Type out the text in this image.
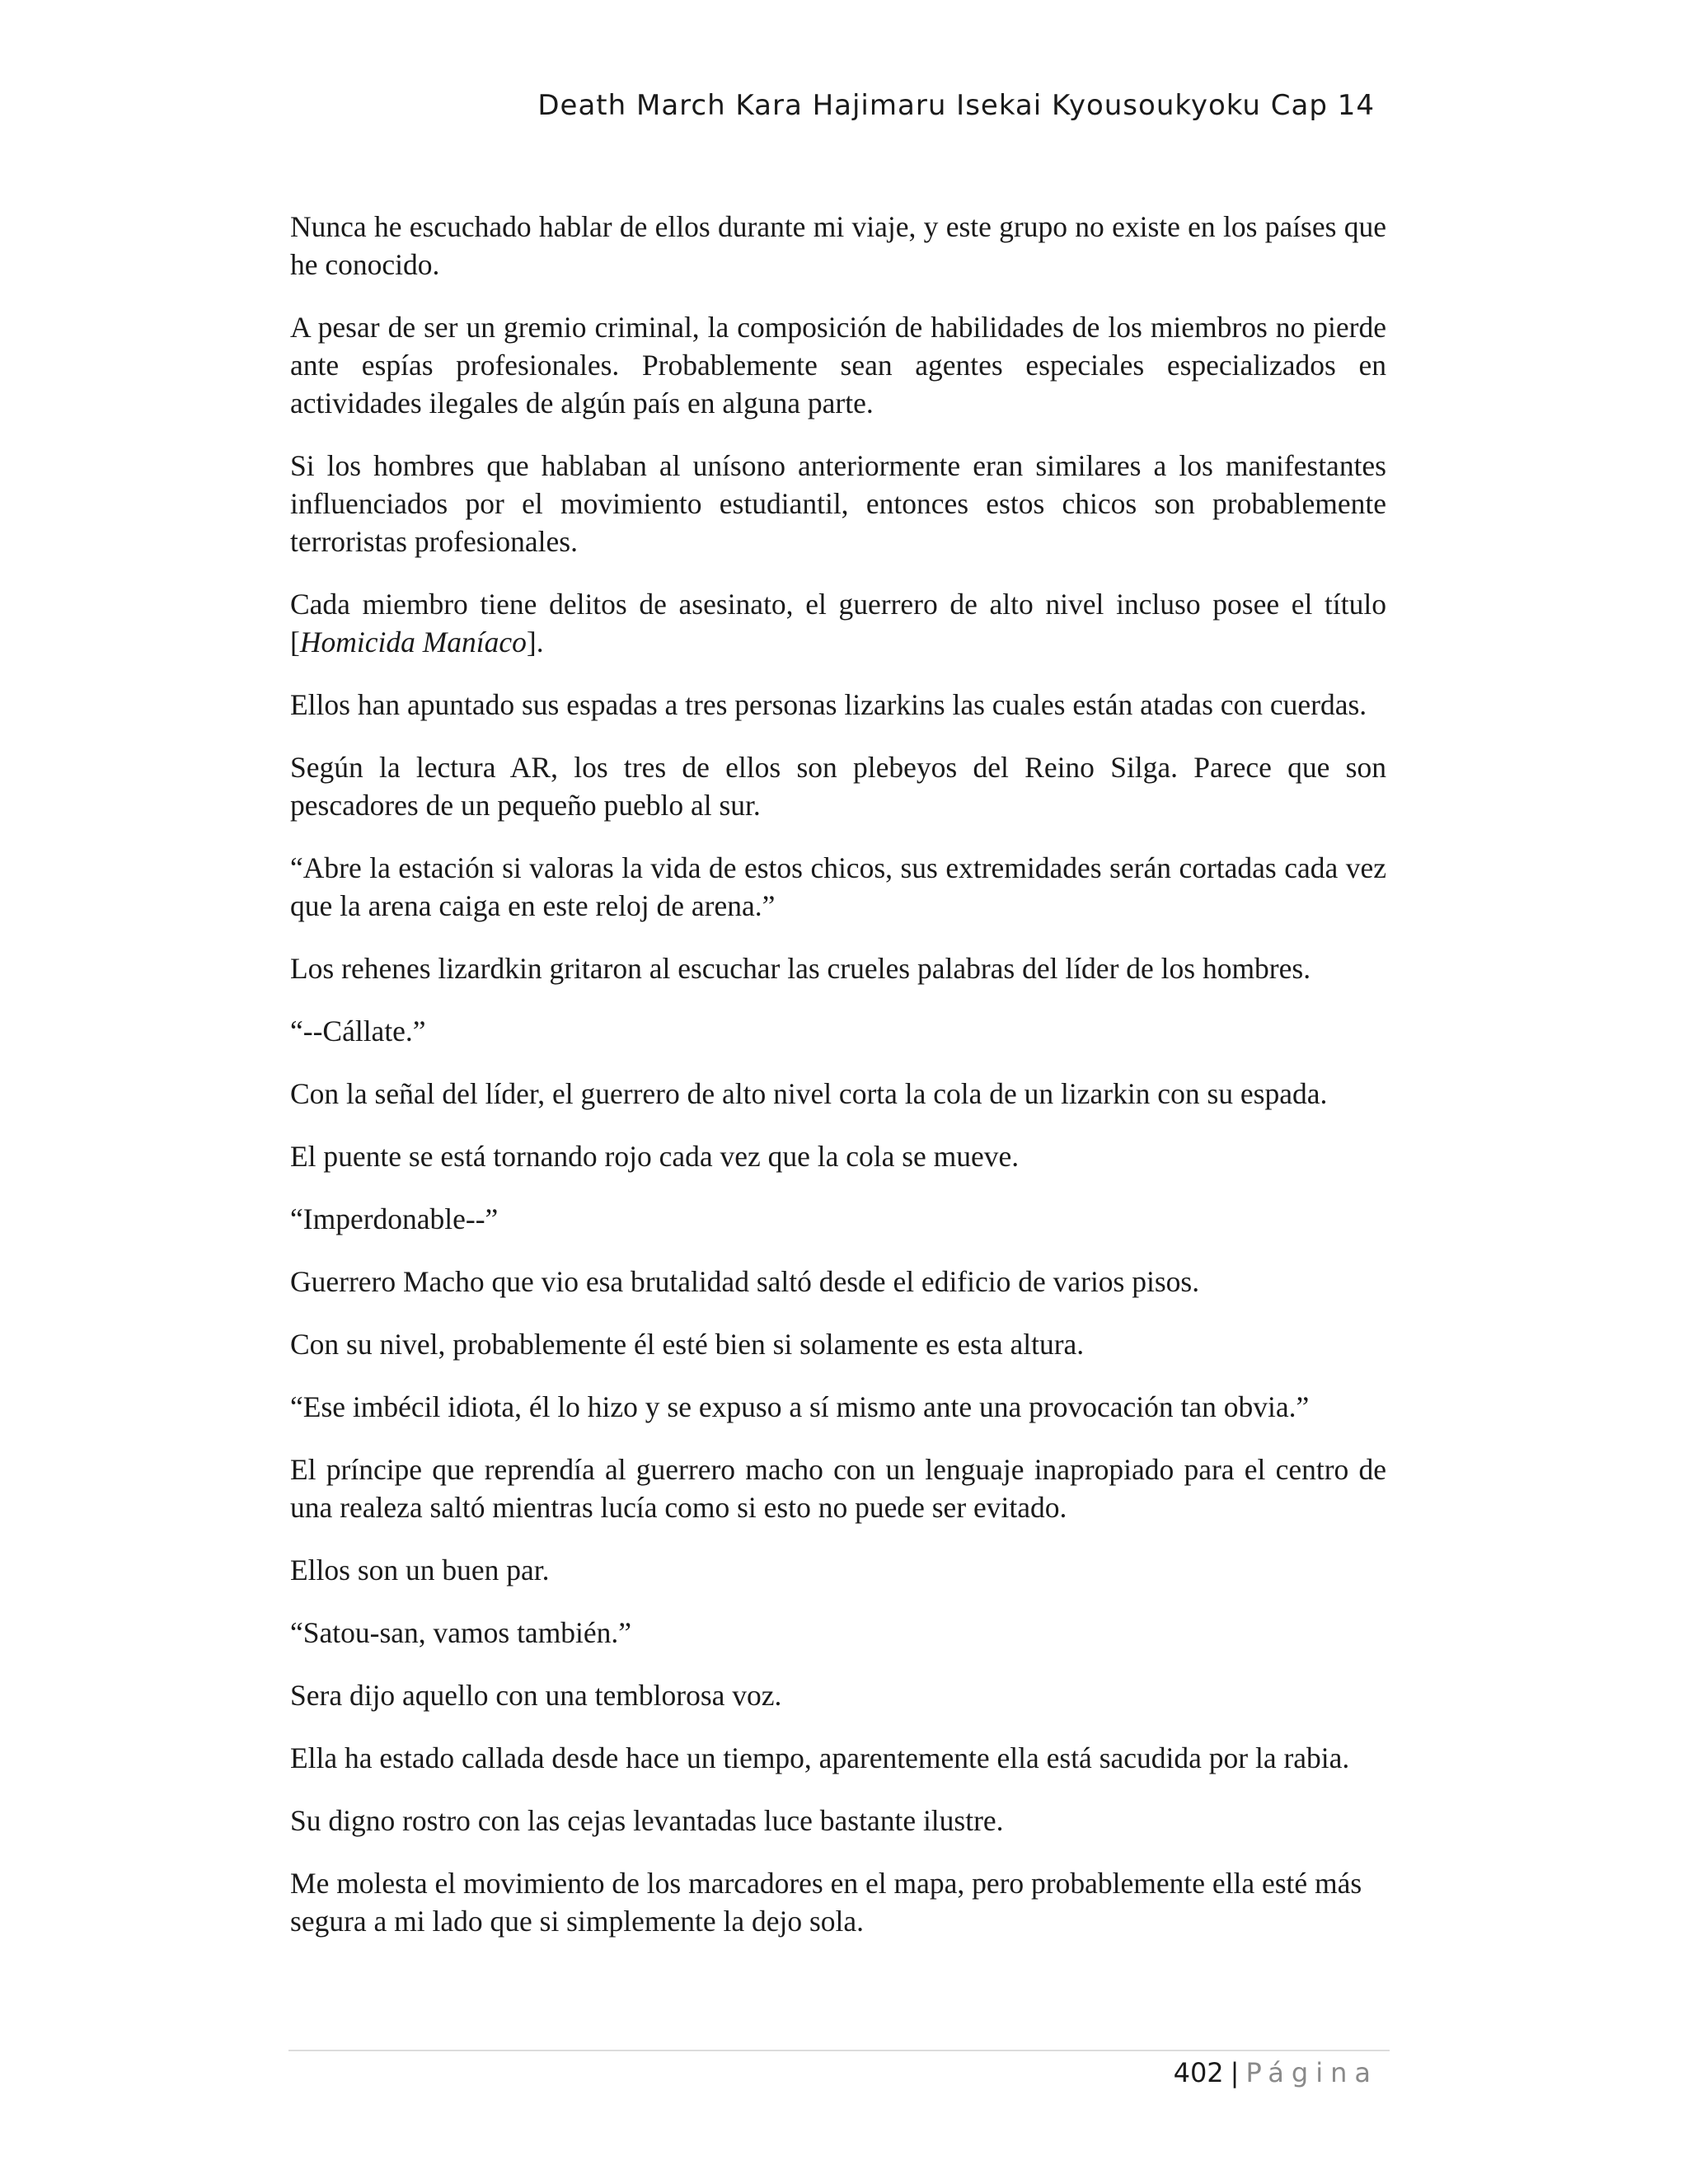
Death March Kara Hajimaru Isekai Kyousoukyoku Cap 14

Nunca he escuchado hablar de ellos durante mi viaje, y este grupo no existe en los países que he conocido.

A pesar de ser un gremio criminal, la composición de habilidades de los miembros no pierde ante espías profesionales. Probablemente sean agentes especiales especializados en actividades ilegales de algún país en alguna parte.

Si los hombres que hablaban al unísono anteriormente eran similares a los manifestantes influenciados por el movimiento estudiantil, entonces estos chicos son probablemente terroristas profesionales.

Cada miembro tiene delitos de asesinato, el guerrero de alto nivel incluso posee el título [Homicida Maníaco].

Ellos han apuntado sus espadas a tres personas lizarkins las cuales están atadas con cuerdas.

Según la lectura AR, los tres de ellos son plebeyos del Reino Silga. Parece que son pescadores de un pequeño pueblo al sur.

“Abre la estación si valoras la vida de estos chicos, sus extremidades serán cortadas cada vez que la arena caiga en este reloj de arena.”

Los rehenes lizardkin gritaron al escuchar las crueles palabras del líder de los hombres.

“--Cállate.”

Con la señal del líder, el guerrero de alto nivel corta la cola de un lizarkin con su espada.

El puente se está tornando rojo cada vez que la cola se mueve.

“Imperdonable--”

Guerrero Macho que vio esa brutalidad saltó desde el edificio de varios pisos.

Con su nivel, probablemente él esté bien si solamente es esta altura.

“Ese imbécil idiota, él lo hizo y se expuso a sí mismo ante una provocación tan obvia.”

El príncipe que reprendía al guerrero macho con un lenguaje inapropiado para el centro de una realeza saltó mientras lucía como si esto no puede ser evitado.

Ellos son un buen par.

“Satou-san, vamos también.”

Sera dijo aquello con una temblorosa voz.

Ella ha estado callada desde hace un tiempo, aparentemente ella está sacudida por la rabia.

Su digno rostro con las cejas levantadas luce bastante ilustre.

Me molesta el movimiento de los marcadores en el mapa, pero probablemente ella esté más segura a mi lado que si simplemente la dejo sola.

402 | Página
